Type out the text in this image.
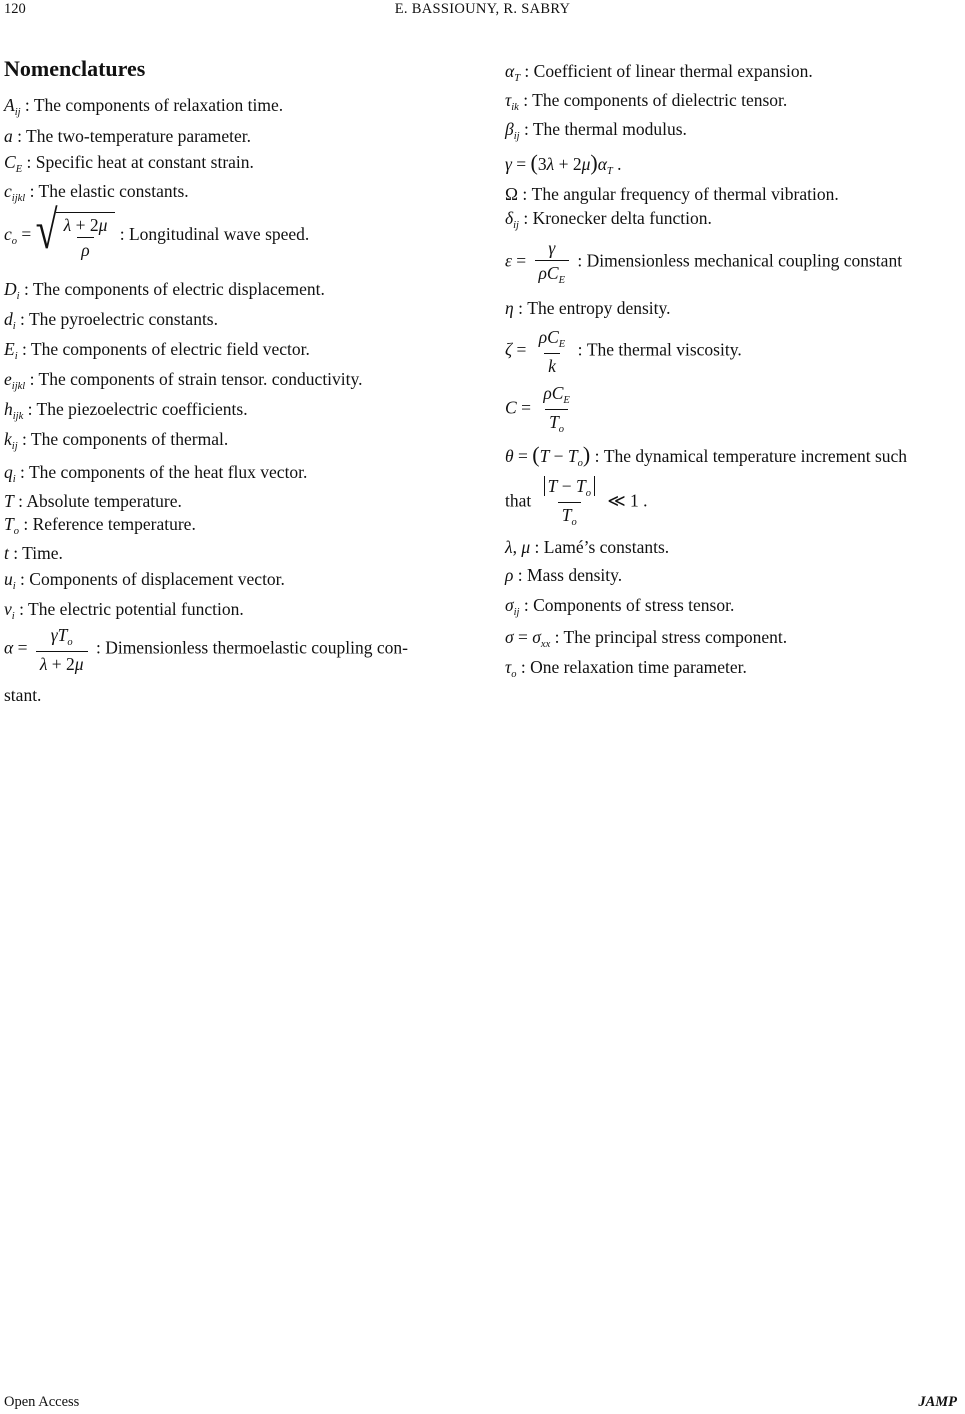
120	E. BASSIOUNY, R. SABRY
Nomenclatures
$A_{ij}$ : The components of relaxation time.
a : The two-temperature parameter.
$C_E$ : Specific heat at constant strain.
$c_{ijkl}$ : The elastic constants.
$c_o$ = √ $\frac{\lambda + 2\mu}{\rho}$ : Longitudinal wave speed.
$D_i$ : The components of electric displacement.
$d_i$ : The pyroelectric constants.
$E_i$ : The components of electric field vector.
$e_{ijkl}$ : The components of strain tensor. conductivity.
$h_{ijk}$ : The piezoelectric coefficients.
$k_{ij}$ : The components of thermal.
$q_i$ : The components of the heat flux vector.
T : Absolute temperature.
$T_o$ : Reference temperature.
t : Time.
$u_i$ : Components of displacement vector.
$v_i$ : The electric potential function.
$\alpha = \frac{\gamma T_o}{\lambda + 2\mu}$ : Dimensionless thermoelastic coupling con-
stant.
$\alpha_T$ : Coefficient of linear thermal expansion.
$\tau_{ik}$ : The components of dielectric tensor.
$\beta_{ij}$ : The thermal modulus.
$\gamma = (3\lambda + 2\mu)\alpha_T$ .
Ω : The angular frequency of thermal vibration.
$\delta_{ij}$ : Kronecker delta function.
$\varepsilon = \frac{\gamma}{\rho C_E}$ : Dimensionless mechanical coupling constant
η : The entropy density.
$\zeta = \frac{\rho C_E}{k}$ : The thermal viscosity.
$C = \frac{\rho C_E}{T_o}$
$\theta = (T - T_o)$ : The dynamical temperature increment such
that $\frac{T - T_o}{T_o}$ ≪ 1 .
λ, μ : Lamé’s constants.
ρ : Mass density.
$\sigma_{ij}$ : Components of stress tensor.
$\sigma = \sigma_{xx}$ : The principal stress component.
$\tau_o$ : One relaxation time parameter.
Open Access	JAMP
